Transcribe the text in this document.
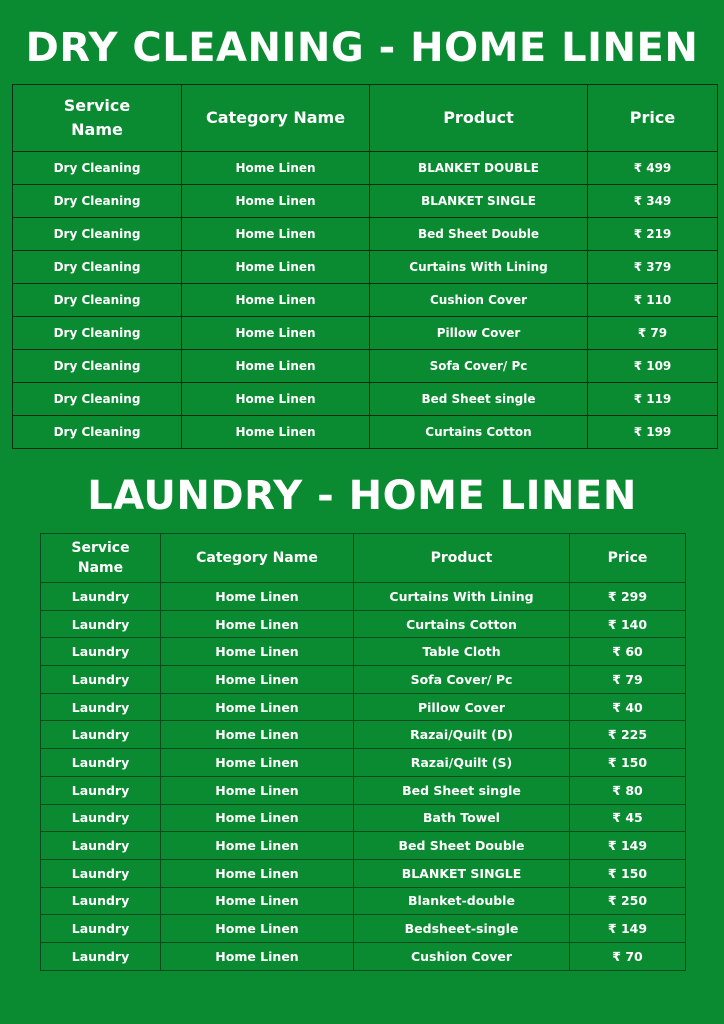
DRY CLEANING - HOME LINEN
Service Name	Category Name	Product	Price
Dry Cleaning	Home Linen	BLANKET DOUBLE	₹ 499
Dry Cleaning	Home Linen	BLANKET SINGLE	₹ 349
Dry Cleaning	Home Linen	Bed Sheet Double	₹ 219
Dry Cleaning	Home Linen	Curtains With Lining	₹ 379
Dry Cleaning	Home Linen	Cushion Cover	₹ 110
Dry Cleaning	Home Linen	Pillow Cover	₹ 79
Dry Cleaning	Home Linen	Sofa Cover/ Pc	₹ 109
Dry Cleaning	Home Linen	Bed Sheet single	₹ 119
Dry Cleaning	Home Linen	Curtains Cotton	₹ 199
LAUNDRY - HOME LINEN
Service Name	Category Name	Product	Price
Laundry	Home Linen	Curtains With Lining	₹ 299
Laundry	Home Linen	Curtains Cotton	₹ 140
Laundry	Home Linen	Table Cloth	₹ 60
Laundry	Home Linen	Sofa Cover/ Pc	₹ 79
Laundry	Home Linen	Pillow Cover	₹ 40
Laundry	Home Linen	Razai/Quilt (D)	₹ 225
Laundry	Home Linen	Razai/Quilt (S)	₹ 150
Laundry	Home Linen	Bed Sheet single	₹ 80
Laundry	Home Linen	Bath Towel	₹ 45
Laundry	Home Linen	Bed Sheet Double	₹ 149
Laundry	Home Linen	BLANKET SINGLE	₹ 150
Laundry	Home Linen	Blanket-double	₹ 250
Laundry	Home Linen	Bedsheet-single	₹ 149
Laundry	Home Linen	Cushion Cover	₹ 70
